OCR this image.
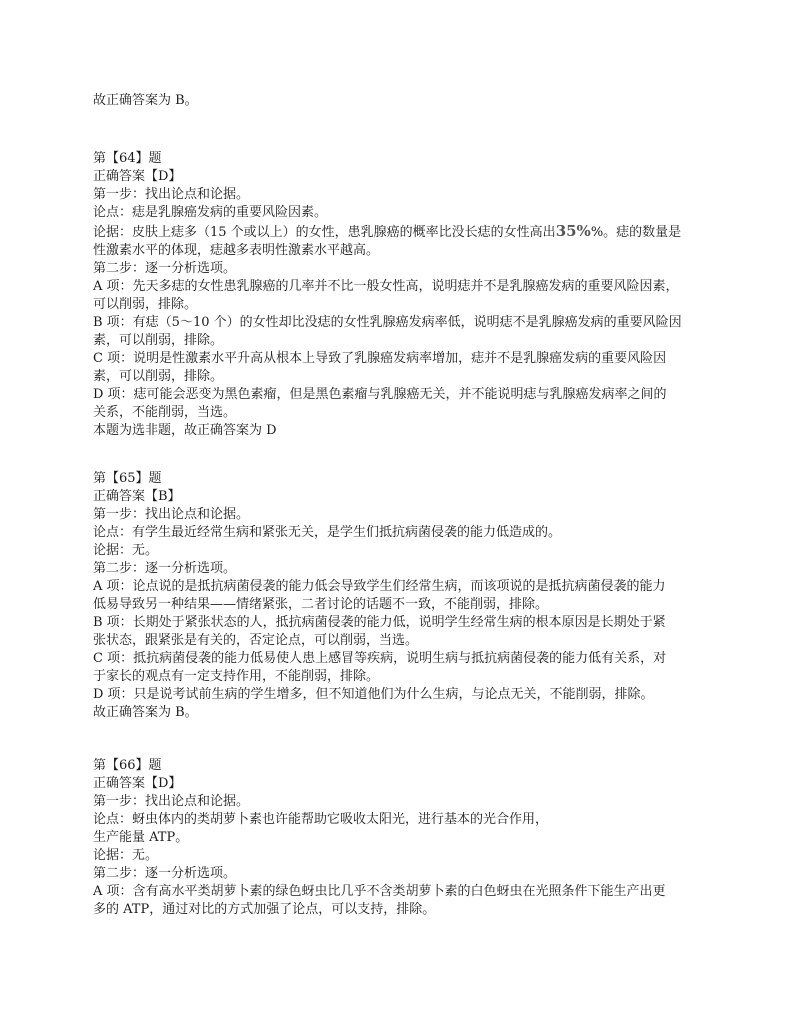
故正确答案为 B。

第【64】题

正确答案【D】

第一步：找出论点和论据。

论点：痣是乳腺癌发病的重要风险因素。

论据：皮肤上痣多（15 个或以上）的女性，患乳腺癌的概率比没长痣的女性高出35%%。痣的数量是

性激素水平的体现，痣越多表明性激素水平越高。

第二步：逐一分析选项。

A 项：先天多痣的女性患乳腺癌的几率并不比一般女性高，说明痣并不是乳腺癌发病的重要风险因素，

可以削弱，排除。

B 项：有痣（5～10 个）的女性却比没痣的女性乳腺癌发病率低，说明痣不是乳腺癌发病的重要风险因

素，可以削弱，排除。

C 项：说明是性激素水平升高从根本上导致了乳腺癌发病率增加，痣并不是乳腺癌发病的重要风险因

素，可以削弱，排除。

D 项：痣可能会恶变为黑色素瘤，但是黑色素瘤与乳腺癌无关，并不能说明痣与乳腺癌发病率之间的

关系，不能削弱，当选。

本题为选非题，故正确答案为 D

第【65】题

正确答案【B】

第一步：找出论点和论据。

论点：有学生最近经常生病和紧张无关，是学生们抵抗病菌侵袭的能力低造成的。

论据：无。

第二步：逐一分析选项。

A 项：论点说的是抵抗病菌侵袭的能力低会导致学生们经常生病，而该项说的是抵抗病菌侵袭的能力

低易导致另一种结果——情绪紧张，二者讨论的话题不一致，不能削弱，排除。

B 项：长期处于紧张状态的人，抵抗病菌侵袭的能力低，说明学生经常生病的根本原因是长期处于紧

张状态，跟紧张是有关的，否定论点，可以削弱，当选。

C 项：抵抗病菌侵袭的能力低易使人患上感冒等疾病，说明生病与抵抗病菌侵袭的能力低有关系，对

于家长的观点有一定支持作用，不能削弱，排除。

D 项：只是说考试前生病的学生增多，但不知道他们为什么生病，与论点无关，不能削弱，排除。

故正确答案为 B。

第【66】题

正确答案【D】

第一步：找出论点和论据。

论点：蚜虫体内的类胡萝卜素也许能帮助它吸收太阳光，进行基本的光合作用，

生产能量 ATP。

论据：无。

第二步：逐一分析选项。

A 项：含有高水平类胡萝卜素的绿色蚜虫比几乎不含类胡萝卜素的白色蚜虫在光照条件下能生产出更

多的 ATP，通过对比的方式加强了论点，可以支持，排除。
